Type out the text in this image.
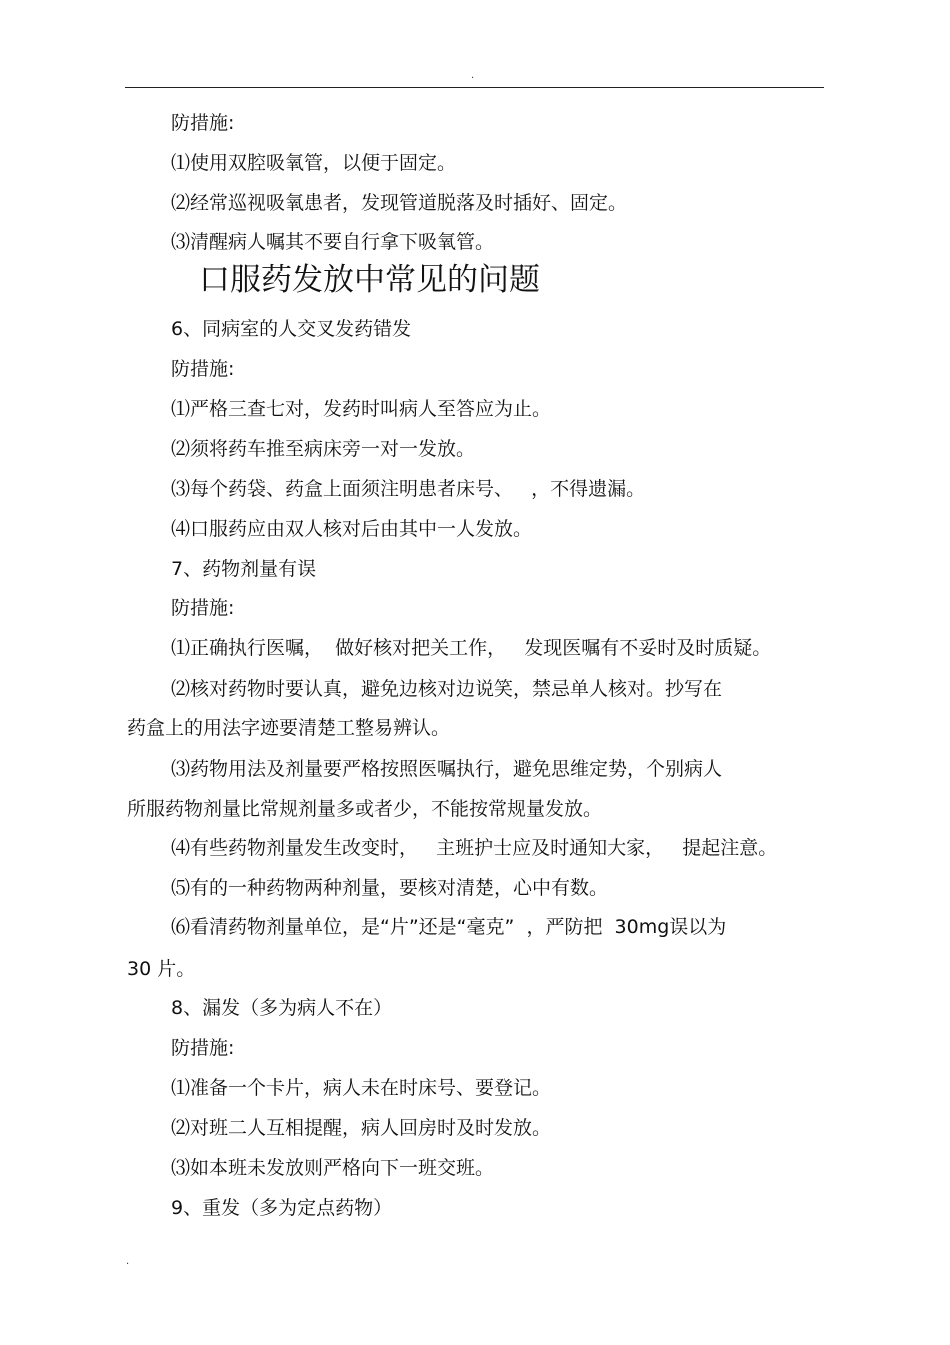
.
防措施:
⑴使用双腔吸氧管，以便于固定。
⑵经常巡视吸氧患者，发现管道脱落及时插好、固定。
⑶清醒病人嘱其不要自行拿下吸氧管。
口服药发放中常见的问题
6、同病室的人交叉发药错发
防措施:
⑴严格三查七对，发药时叫病人至答应为止。
⑵须将药车推至病床旁一对一发放。
⑶每个药袋、药盒上面须注明患者床号、   ，不得遗漏。
⑷口服药应由双人核对后由其中一人发放。
7、药物剂量有误
防措施:
⑴正确执行医嘱，  做好核对把关工作，   发现医嘱有不妥时及时质疑。
⑵核对药物时要认真，避免边核对边说笑，禁忌单人核对。抄写在
药盒上的用法字迹要清楚工整易辨认。
⑶药物用法及剂量要严格按照医嘱执行，避免思维定势，个别病人
所服药物剂量比常规剂量多或者少，不能按常规量发放。
⑷有些药物剂量发生改变时，   主班护士应及时通知大家，   提起注意。
⑸有的一种药物两种剂量，要核对清楚，心中有数。
⑹看清药物剂量单位，是“片”还是“毫克”  ，严防把  30mg误以为
30 片。
8、漏发（多为病人不在）
防措施:
⑴准备一个卡片，病人未在时床号、要登记。
⑵对班二人互相提醒，病人回房时及时发放。
⑶如本班未发放则严格向下一班交班。
9、重发（多为定点药物）
.
